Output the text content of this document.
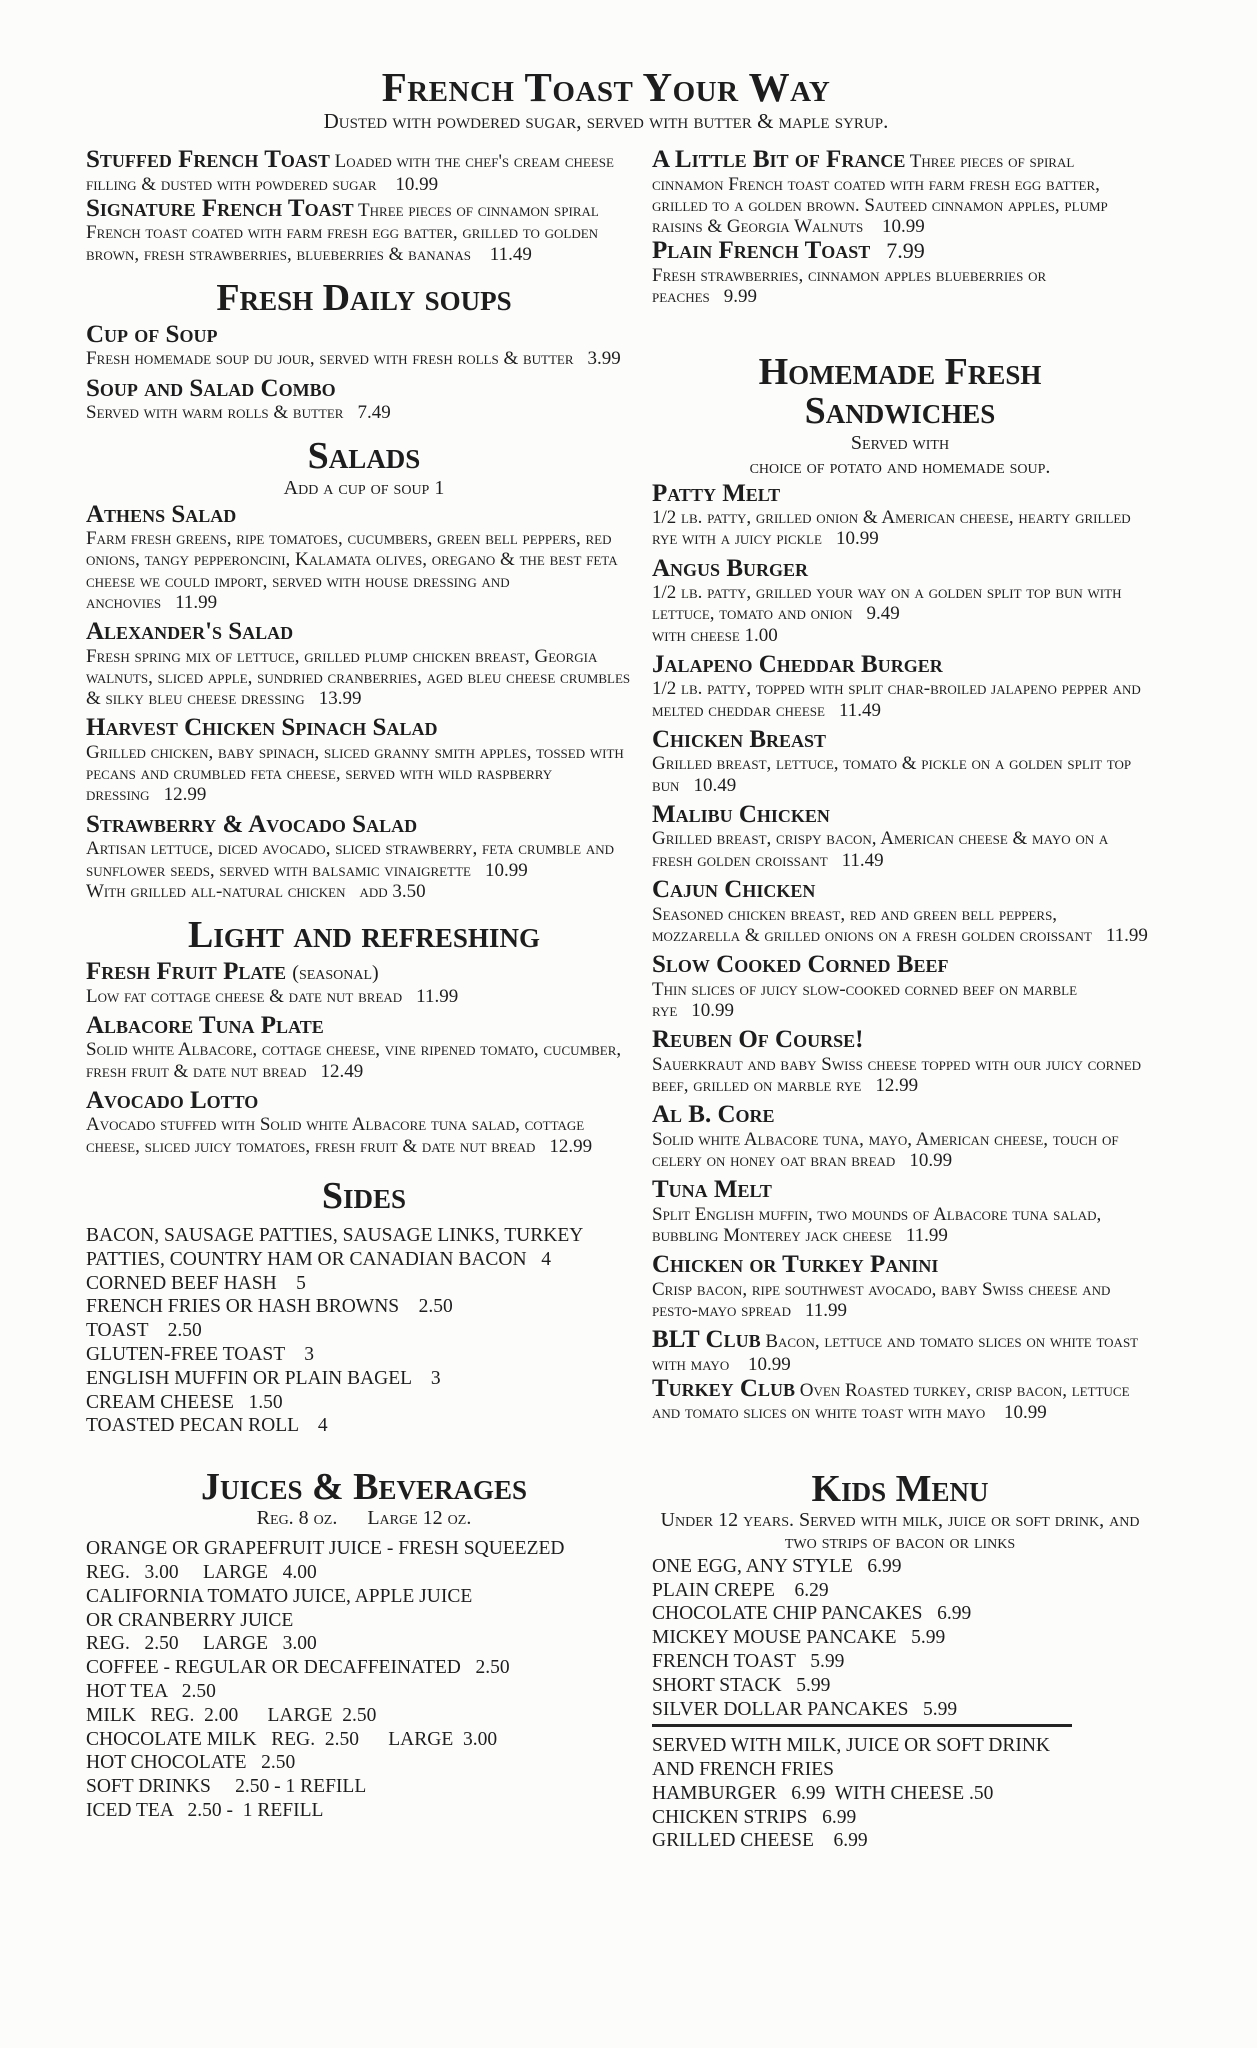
French Toast Your Way
Dusted with powdered sugar, served with butter & maple syrup.

Stuffed French Toast Loaded with the chef's cream cheese filling & dusted with powdered sugar 10.99

Signature French Toast Three pieces of cinnamon spiral French toast coated with farm fresh egg batter, grilled to golden brown, fresh strawberries, blueberries & bananas 11.49

Fresh Daily soups
Cup of Soup

Fresh homemade soup du jour, served with fresh rolls & butter 3.99

Soup and Salad Combo

Served with warm rolls & butter 7.49

Salads
Add a cup of soup 1
Athens Salad

Farm fresh greens, ripe tomatoes, cucumbers, green bell peppers, red onions, tangy pepperoncini, Kalamata olives, oregano & the best feta cheese we could import, served with house dressing and anchovies 11.99

Alexander's Salad

Fresh spring mix of lettuce, grilled plump chicken breast, Georgia walnuts, sliced apple, sundried cranberries, aged bleu cheese crumbles & silky bleu cheese dressing 13.99

Harvest Chicken Spinach Salad

Grilled chicken, baby spinach, sliced granny smith apples, tossed with pecans and crumbled feta cheese, served with wild raspberry dressing 12.99

Strawberry & Avocado Salad

Artisan lettuce, diced avocado, sliced strawberry, feta crumble and sunflower seeds, served with balsamic vinaigrette 10.99

With grilled all-natural chicken add 3.50

Light and refreshing
Fresh Fruit Plate (seasonal)

Low fat cottage cheese & date nut bread 11.99

Albacore Tuna Plate

Solid white Albacore, cottage cheese, vine ripened tomato, cucumber, fresh fruit & date nut bread 12.49

Avocado Lotto

Avocado stuffed with Solid white Albacore tuna salad, cottage cheese, sliced juicy tomatoes, fresh fruit & date nut bread 12.99

Sides
BACON, SAUSAGE PATTIES, SAUSAGE LINKS, TURKEY PATTIES, COUNTRY HAM OR CANADIAN BACON   4
CORNED BEEF HASH    5
FRENCH FRIES OR HASH BROWNS    2.50
TOAST    2.50
GLUTEN-FREE TOAST    3
ENGLISH MUFFIN OR PLAIN BAGEL    3
CREAM CHEESE   1.50
TOASTED PECAN ROLL    4
Juices & Beverages
Reg. 8 oz.      Large 12 oz.
ORANGE OR GRAPEFRUIT JUICE - FRESH SQUEEZED
REG.   3.00     LARGE   4.00
CALIFORNIA TOMATO JUICE, APPLE JUICE
OR CRANBERRY JUICE
REG.   2.50     LARGE   3.00
COFFEE - REGULAR OR DECAFFEINATED   2.50
HOT TEA   2.50
MILK   REG.  2.00      LARGE  2.50
CHOCOLATE MILK   REG.  2.50      LARGE  3.00
HOT CHOCOLATE   2.50
SOFT DRINKS     2.50 - 1 REFILL
ICED TEA   2.50 -  1 REFILL

A Little Bit of France Three pieces of spiral cinnamon French toast coated with farm fresh egg batter, grilled to a golden brown. Sauteed cinnamon apples, plump raisins & Georgia Walnuts 10.99

Plain French Toast 7.99

Fresh strawberries, cinnamon apples blueberries or peaches 9.99

Homemade Fresh
Sandwiches
Served with
choice of potato and homemade soup.
Patty Melt

1/2 lb. patty, grilled onion & American cheese, hearty grilled rye with a juicy pickle 10.99

Angus Burger

1/2 lb. patty, grilled your way on a golden split top bun with lettuce, tomato and onion 9.49

with cheese 1.00

Jalapeno Cheddar Burger

1/2 lb. patty, topped with split char-broiled jalapeno pepper and melted cheddar cheese 11.49

Chicken Breast

Grilled breast, lettuce, tomato & pickle on a golden split top bun 10.49

Malibu Chicken

Grilled breast, crispy bacon, American cheese & mayo on a fresh golden croissant 11.49

Cajun Chicken

Seasoned chicken breast, red and green bell peppers, mozzarella & grilled onions on a fresh golden croissant 11.99

Slow Cooked Corned Beef

Thin slices of juicy slow-cooked corned beef on marble rye 10.99

Reuben Of Course!

Sauerkraut and baby Swiss cheese topped with our juicy corned beef, grilled on marble rye 12.99

Al B. Core

Solid white Albacore tuna, mayo, American cheese, touch of celery on honey oat bran bread 10.99

Tuna Melt

Split English muffin, two mounds of Albacore tuna salad, bubbling Monterey jack cheese 11.99

Chicken or Turkey Panini

Crisp bacon, ripe southwest avocado, baby Swiss cheese and pesto-mayo spread 11.99

BLT Club Bacon, lettuce and tomato slices on white toast with mayo 10.99

Turkey Club Oven Roasted turkey, crisp bacon, lettuce and tomato slices on white toast with mayo 10.99

Kids Menu
Under 12 years. Served with milk, juice or soft drink, and two strips of bacon or links
ONE EGG, ANY STYLE   6.99
PLAIN CREPE    6.29
CHOCOLATE CHIP PANCAKES   6.99
MICKEY MOUSE PANCAKE   5.99
FRENCH TOAST   5.99
SHORT STACK   5.99
SILVER DOLLAR PANCAKES   5.99
SERVED WITH MILK, JUICE OR SOFT DRINK
AND FRENCH FRIES
HAMBURGER   6.99  WITH CHEESE .50
CHICKEN STRIPS   6.99
GRILLED CHEESE    6.99
